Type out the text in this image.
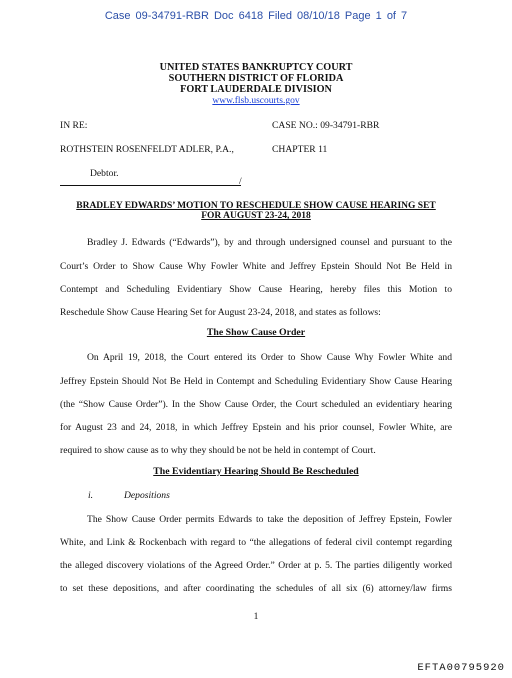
Case 09-34791-RBR Doc 6418 Filed 08/10/18 Page 1 of 7
UNITED STATES BANKRUPTCY COURT
SOUTHERN DISTRICT OF FLORIDA
FORT LAUDERDALE DIVISION
www.flsb.uscourts.gov
IN RE:	CASE NO.: 09-34791-RBR
ROTHSTEIN ROSENFELDT ADLER, P.A.,	CHAPTER 11
Debtor.
/
BRADLEY EDWARDS’ MOTION TO RESCHEDULE SHOW CAUSE HEARING SET
FOR AUGUST 23-24, 2018
Bradley J. Edwards (“Edwards”), by and through undersigned counsel and pursuant to the
Court’s Order to Show Cause Why Fowler White and Jeffrey Epstein Should Not Be Held in
Contempt and Scheduling Evidentiary Show Cause Hearing, hereby files this Motion to
Reschedule Show Cause Hearing Set for August 23-24, 2018, and states as follows:
The Show Cause Order
On April 19, 2018, the Court entered its Order to Show Cause Why Fowler White and
Jeffrey Epstein Should Not Be Held in Contempt and Scheduling Evidentiary Show Cause Hearing
(the “Show Cause Order”). In the Show Cause Order, the Court scheduled an evidentiary hearing
for August 23 and 24, 2018, in which Jeffrey Epstein and his prior counsel, Fowler White, are
required to show cause as to why they should be not be held in contempt of Court.
The Evidentiary Hearing Should Be Rescheduled
i.	Depositions
The Show Cause Order permits Edwards to take the deposition of Jeffrey Epstein, Fowler
White, and Link & Rockenbach with regard to “the allegations of federal civil contempt regarding
the alleged discovery violations of the Agreed Order.” Order at p. 5. The parties diligently worked
to set these depositions, and after coordinating the schedules of all six (6) attorney/law firms
1
EFTA00795920
